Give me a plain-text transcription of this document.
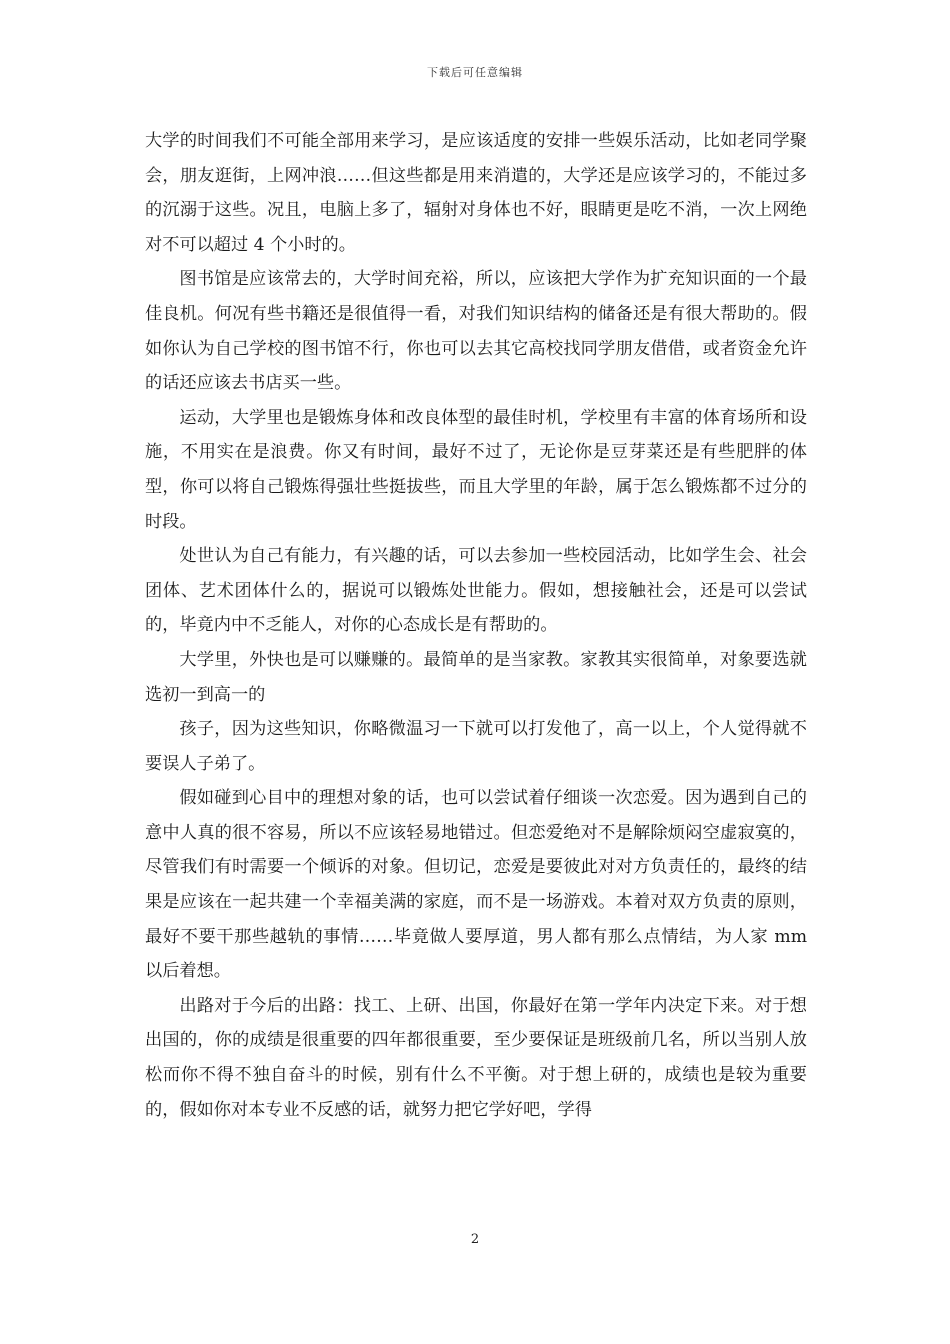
下载后可任意编辑

大学的时间我们不可能全部用来学习，是应该适度的安排一些娱乐活动，比如老同学聚会，朋友逛街，上网冲浪……但这些都是用来消遣的，大学还是应该学习的，不能过多的沉溺于这些。况且，电脑上多了，辐射对身体也不好，眼睛更是吃不消，一次上网绝对不可以超过 4 个小时的。

图书馆是应该常去的，大学时间充裕，所以，应该把大学作为扩充知识面的一个最佳良机。何况有些书籍还是很值得一看，对我们知识结构的储备还是有很大帮助的。假如你认为自己学校的图书馆不行，你也可以去其它高校找同学朋友借借，或者资金允许的话还应该去书店买一些。

运动，大学里也是锻炼身体和改良体型的最佳时机，学校里有丰富的体育场所和设施，不用实在是浪费。你又有时间，最好不过了，无论你是豆芽菜还是有些肥胖的体型，你可以将自己锻炼得强壮些挺拔些，而且大学里的年龄，属于怎么锻炼都不过分的时段。

处世认为自己有能力，有兴趣的话，可以去参加一些校园活动，比如学生会、社会团体、艺术团体什么的，据说可以锻炼处世能力。假如，想接触社会，还是可以尝试的，毕竟内中不乏能人，对你的心态成长是有帮助的。

大学里，外快也是可以赚赚的。最简单的是当家教。家教其实很简单，对象要选就选初一到高一的

孩子，因为这些知识，你略微温习一下就可以打发他了，高一以上，个人觉得就不要误人子弟了。

假如碰到心目中的理想对象的话，也可以尝试着仔细谈一次恋爱。因为遇到自己的意中人真的很不容易，所以不应该轻易地错过。但恋爱绝对不是解除烦闷空虚寂寞的，尽管我们有时需要一个倾诉的对象。但切记，恋爱是要彼此对对方负责任的，最终的结果是应该在一起共建一个幸福美满的家庭，而不是一场游戏。本着对双方负责的原则，最好不要干那些越轨的事情……毕竟做人要厚道，男人都有那么点情结，为人家 mm 以后着想。

出路对于今后的出路：找工、上研、出国，你最好在第一学年内决定下来。对于想出国的，你的成绩是很重要的四年都很重要，至少要保证是班级前几名，所以当别人放松而你不得不独自奋斗的时候，别有什么不平衡。对于想上研的，成绩也是较为重要的，假如你对本专业不反感的话，就努力把它学好吧，学得

2
